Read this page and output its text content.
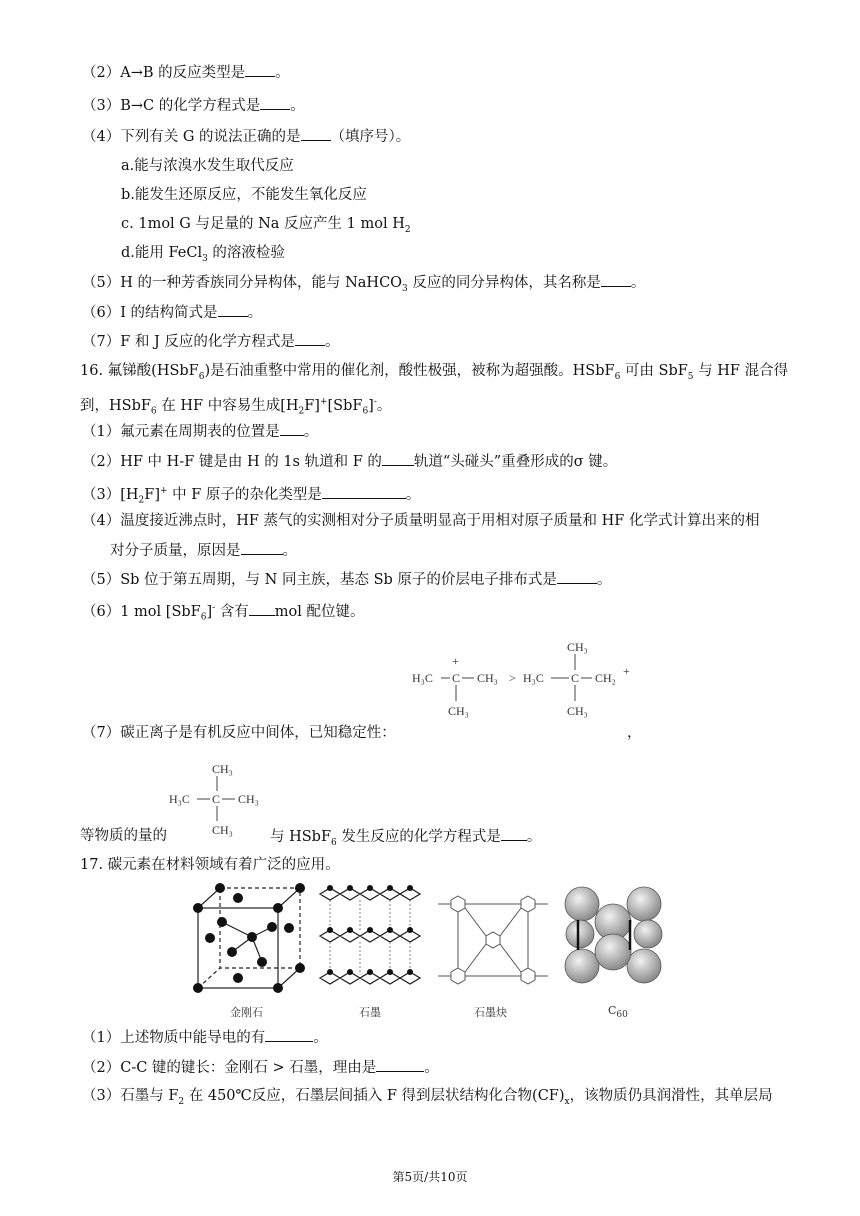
（2）A→B 的反应类型是 。
（3）B→C 的化学方程式是 。
（4）下列有关 G 的说法正确的是 （填序号）。
a.能与浓溴水发生取代反应
b.能发生还原反应，不能发生氧化反应
c. 1mol G 与足量的 Na 反应产生 1 mol $H_2$
d.能用 FeCl$_3$ 的溶液检验
（5）H 的一种芳香族同分异构体，能与 NaHCO$_3$ 反应的同分异构体，其名称是 。
（6）I 的结构简式是 。
（7）F 和 J 反应的化学方程式是 。
16. 氟锑酸(HSbF$_6$)是石油重整中常用的催化剂，酸性极强，被称为超强酸。HSbF$_6$ 可由 SbF$_5$ 与 HF 混合得
到，HSbF$_6$ 在 HF 中容易生成$[H_2F]^+[SbF_6]^-$。
（1）氟元素在周期表的位置是 。
（2）HF 中 H-F 键是由 H 的 1s 轨道和 F 的 轨道“头碰头”重叠形成的σ 键。
$(3)[H_2F]^+$ 中 F 原子的杂化类型是	。
（4）温度接近沸点时，HF 蒸气的实测相对分子质量明显高于用相对原子质量和 HF 化学式计算出来的相
对分子质量，原因是	。
（5）Sb 位于第五周期，与 N 同主族，基态 Sb 原子的价层电子排布式是	。
（6）1 mol [SbF$_6$]- 含有 mol 配位键。
H₃C C
+
CH₃
CH₃
> H₃C C
CH₃
CH₃
CH₂ +
（7）碳正离子是有机反应中间体，已知稳定性：	，
CH₃
H₃C C CH₃
CH₃
等物质的量的	与 HSbF$_6$ 发生反应的化学方程式是 。
17. 碳元素在材料领域有着广泛的应用。
金刚石	石墨	石墨炔	$C_{60}$
（1）上述物质中能导电的有	。
（2）C-C 键的键长：金刚石 > 石墨，理由是	。
（3）石墨与 $F_2$ 在 450℃反应，石墨层间插入 F 得到层状结构化合物$(CF)_x$，该物质仍具润滑性，其单层局
第5页/共10页
